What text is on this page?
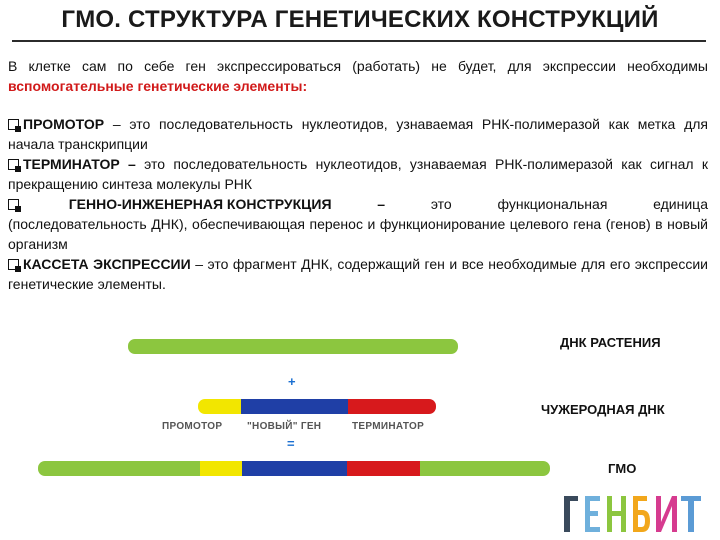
ГМО. СТРУКТУРА ГЕНЕТИЧЕСКИХ КОНСТРУКЦИЙ

В клетке сам по себе ген экспрессироваться (работать) не будет, для экспрессии необходимы вспомогательные генетические элементы:

ПРОМОТОР – это последовательность нуклеотидов, узнаваемая РНК-полимеразой как метка для начала транскрипции

ТЕРМИНАТОР – это последовательность нуклеотидов, узнаваемая РНК-полимеразой как сигнал к прекращению синтеза молекулы РНК

ГЕННО-ИНЖЕНЕРНАЯ КОНСТРУКЦИЯ	–	это	функциональная	единица
(последовательность ДНК), обеспечивающая перенос и функционирование целевого гена (генов) в новый организм

КАССЕТА ЭКСПРЕССИИ – это фрагмент ДНК, содержащий ген и все необходимые для его экспрессии генетические элементы.

ДНК РАСТЕНИЯ
+
ЧУЖЕРОДНАЯ ДНК
ПРОМОТОР "НОВЫЙ" ГЕН	ТЕРМИНАТОР
=
ГМО
